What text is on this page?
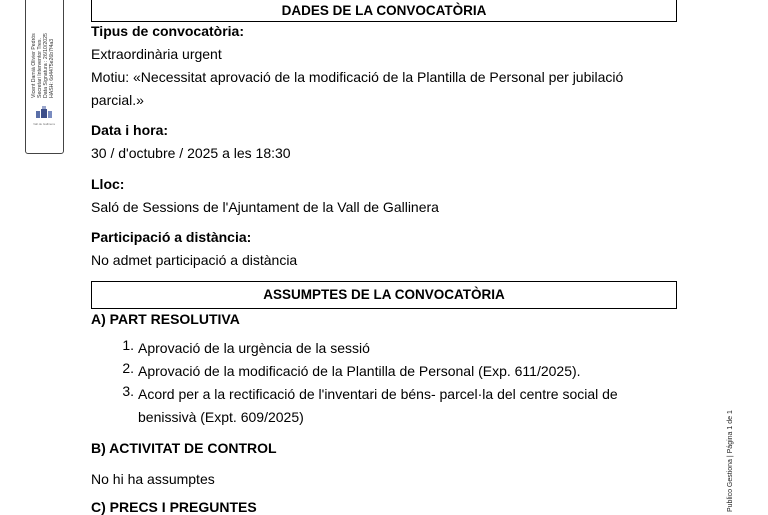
Vicent Damià Olivier Pedrós Secretari Interventor Tres. Data Signatura : 26/10/2025 HASH: 6d4475e26b7f4a3
Vall de Gallinera
DADES DE LA CONVOCATÒRIA
Tipus de convocatòria:
Extraordinària urgent
Motiu: «Necessitat aprovació de la modificació de la Plantilla de Personal per jubilació
parcial.»
Data i hora:
30 / d'octubre / 2025 a les 18:30
Lloc:
Saló de Sessions de l'Ajuntament de la Vall de Gallinera
Participació a distància:
No admet participació a distància
ASSUMPTES DE LA CONVOCATÒRIA
A) PART RESOLUTIVA
1. Aprovació de la urgència de la sessió
2. Aprovació de la modificació de la Plantilla de Personal (Exp. 611/2025).
3. Acord per a la rectificació de l'inventari de béns- parcel·la del centre social de
benissivà (Expt. 609/2025)
B) ACTIVITAT DE CONTROL
No hi ha assumptes
C) PRECS I PREGUNTES	Publico Gestiona | Página 1 de 1
